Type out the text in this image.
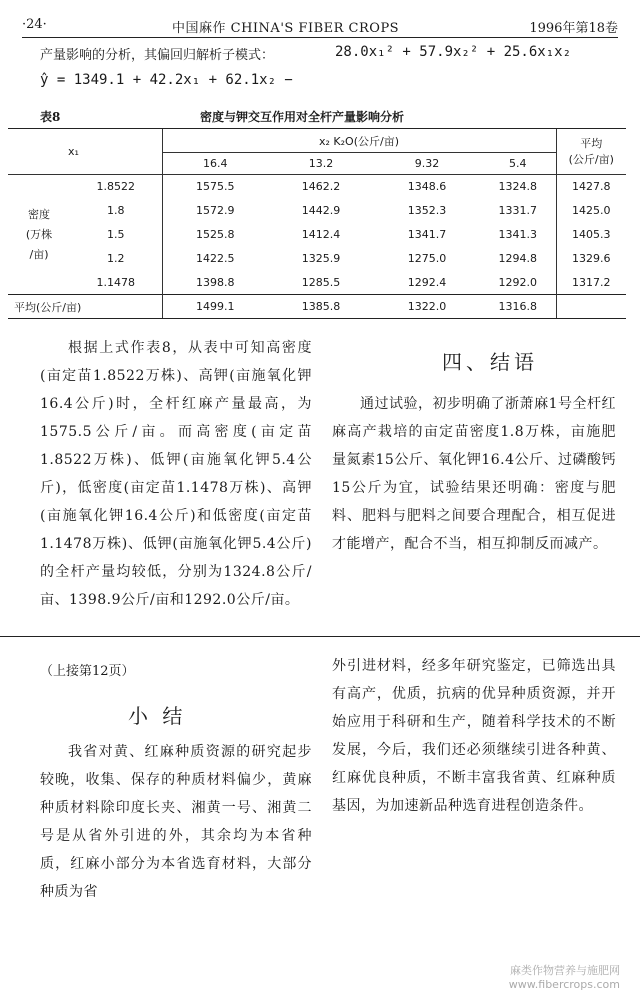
·24·	中国麻作 CHINA'S FIBER CROPS	1996年第18卷
产量影响的分析，其偏回归解析子模式：
ŷ = 1349.1 + 42.2x₁ + 62.1x₂ −
28.0x₁² + 57.9x₂² + 25.6x₁x₂
表8	密度与钾交互作用对全杆产量影响分析
x₁		x₂ K₂O(公斤/亩)				平均
(公斤/亩)
		16.4	13.2	9.32	5.4	
密度
(万株
/亩)	1.8522	1575.5	1462.2	1348.6	1324.8	1427.8
	1.8	1572.9	1442.9	1352.3	1331.7	1425.0
	1.5	1525.8	1412.4	1341.7	1341.3	1405.3
	1.2	1422.5	1325.9	1275.0	1294.8	1329.6
	1.1478	1398.8	1285.5	1292.4	1292.0	1317.2
平均(公斤/亩)		1499.1	1385.8	1322.0	1316.8	

根据上式作表8，从表中可知高密度(亩定苗1.8522万株)、高钾(亩施氧化钾16.4公斤)时，全杆红麻产量最高，为1575.5公斤/亩。而高密度(亩定苗1.8522万株)、低钾(亩施氧化钾5.4公斤)，低密度(亩定苗1.1478万株)、高钾(亩施氧化钾16.4公斤)和低密度(亩定苗1.1478万株)、低钾(亩施氧化钾5.4公斤)的全杆产量均较低，分别为1324.8公斤/亩、1398.9公斤/亩和1292.0公斤/亩。

四、结语

通过试验，初步明确了浙萧麻1号全杆红麻高产栽培的亩定苗密度1.8万株，亩施肥量氮素15公斤、氧化钾16.4公斤、过磷酸钙15公斤为宜，试验结果还明确：密度与肥料、肥料与肥料之间要合理配合，相互促进才能增产，配合不当，相互抑制反而减产。

（上接第12页）
小 结

我省对黄、红麻种质资源的研究起步较晚，收集、保存的种质材料偏少，黄麻种质材料除印度长夹、湘黄一号、湘黄二号是从省外引进的外，其余均为本省种质，红麻小部分为本省选育材料，大部分种质为省

外引进材料，经多年研究鉴定，已筛选出具有高产，优质，抗病的优异种质资源，并开始应用于科研和生产，随着科学技术的不断发展，今后，我们还必须继续引进各种黄、红麻优良种质，不断丰富我省黄、红麻种质基因，为加速新品种选育进程创造条件。

麻类作物营养与施肥网
www.fibercrops.com
